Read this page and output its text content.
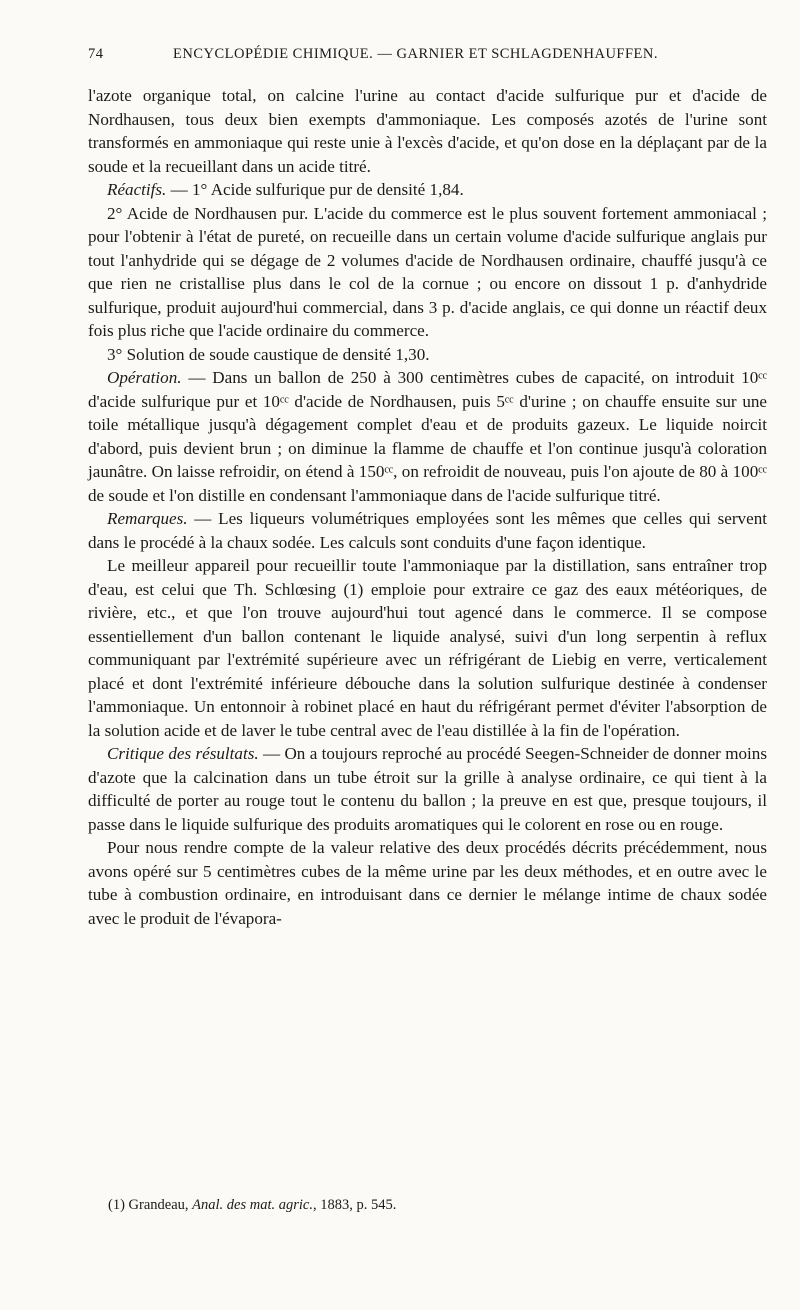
74	ENCYCLOPÉDIE CHIMIQUE. — GARNIER ET SCHLAGDENHAUFFEN.

l'azote organique total, on calcine l'urine au contact d'acide sulfurique pur et d'acide de Nordhausen, tous deux bien exempts d'ammoniaque. Les composés azotés de l'urine sont transformés en ammoniaque qui reste unie à l'excès d'acide, et qu'on dose en la déplaçant par de la soude et la recueillant dans un acide titré.

Réactifs. — 1° Acide sulfurique pur de densité 1,84.

2° Acide de Nordhausen pur. L'acide du commerce est le plus souvent fortement ammoniacal ; pour l'obtenir à l'état de pureté, on recueille dans un certain volume d'acide sulfurique anglais pur tout l'anhydride qui se dégage de 2 volumes d'acide de Nordhausen ordinaire, chauffé jusqu'à ce que rien ne cristallise plus dans le col de la cornue ; ou encore on dissout 1 p. d'anhydride sulfurique, produit aujourd'hui commercial, dans 3 p. d'acide anglais, ce qui donne un réactif deux fois plus riche que l'acide ordinaire du commerce.

3° Solution de soude caustique de densité 1,30.

Opération. — Dans un ballon de 250 à 300 centimètres cubes de capacité, on introduit 10ᶜᶜ d'acide sulfurique pur et 10ᶜᶜ d'acide de Nordhausen, puis 5ᶜᶜ d'urine ; on chauffe ensuite sur une toile métallique jusqu'à dégagement complet d'eau et de produits gazeux. Le liquide noircit d'abord, puis devient brun ; on diminue la flamme de chauffe et l'on continue jusqu'à coloration jaunâtre. On laisse refroidir, on étend à 150ᶜᶜ, on refroidit de nouveau, puis l'on ajoute de 80 à 100ᶜᶜ de soude et l'on distille en condensant l'ammoniaque dans de l'acide sulfurique titré.

Remarques. — Les liqueurs volumétriques employées sont les mêmes que celles qui servent dans le procédé à la chaux sodée. Les calculs sont conduits d'une façon identique.

Le meilleur appareil pour recueillir toute l'ammoniaque par la distillation, sans entraîner trop d'eau, est celui que Th. Schlœsing (1) emploie pour extraire ce gaz des eaux météoriques, de rivière, etc., et que l'on trouve aujourd'hui tout agencé dans le commerce. Il se compose essentiellement d'un ballon contenant le liquide analysé, suivi d'un long serpentin à reflux communiquant par l'extrémité supérieure avec un réfrigérant de Liebig en verre, verticalement placé et dont l'extrémité inférieure débouche dans la solution sulfurique destinée à condenser l'ammoniaque. Un entonnoir à robinet placé en haut du réfrigérant permet d'éviter l'absorption de la solution acide et de laver le tube central avec de l'eau distillée à la fin de l'opération.

Critique des résultats. — On a toujours reproché au procédé Seegen-Schneider de donner moins d'azote que la calcination dans un tube étroit sur la grille à analyse ordinaire, ce qui tient à la difficulté de porter au rouge tout le contenu du ballon ; la preuve en est que, presque toujours, il passe dans le liquide sulfurique des produits aromatiques qui le colorent en rose ou en rouge.

Pour nous rendre compte de la valeur relative des deux procédés décrits précédemment, nous avons opéré sur 5 centimètres cubes de la même urine par les deux méthodes, et en outre avec le tube à combustion ordinaire, en introduisant dans ce dernier le mélange intime de chaux sodée avec le produit de l'évapora-

(1) Grandeau, Anal. des mat. agric., 1883, p. 545.
